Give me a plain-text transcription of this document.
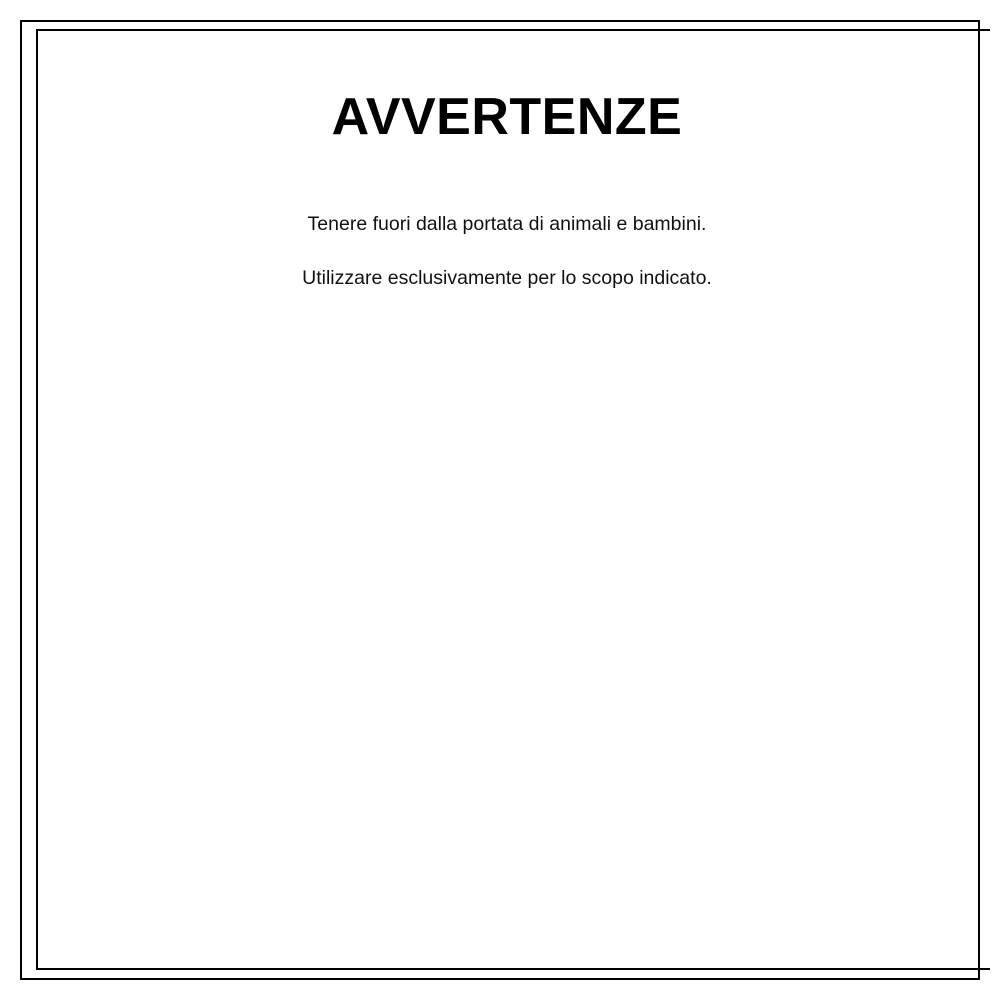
AVVERTENZE

Tenere fuori dalla portata di animali e bambini.

Utilizzare esclusivamente per lo scopo indicato.
